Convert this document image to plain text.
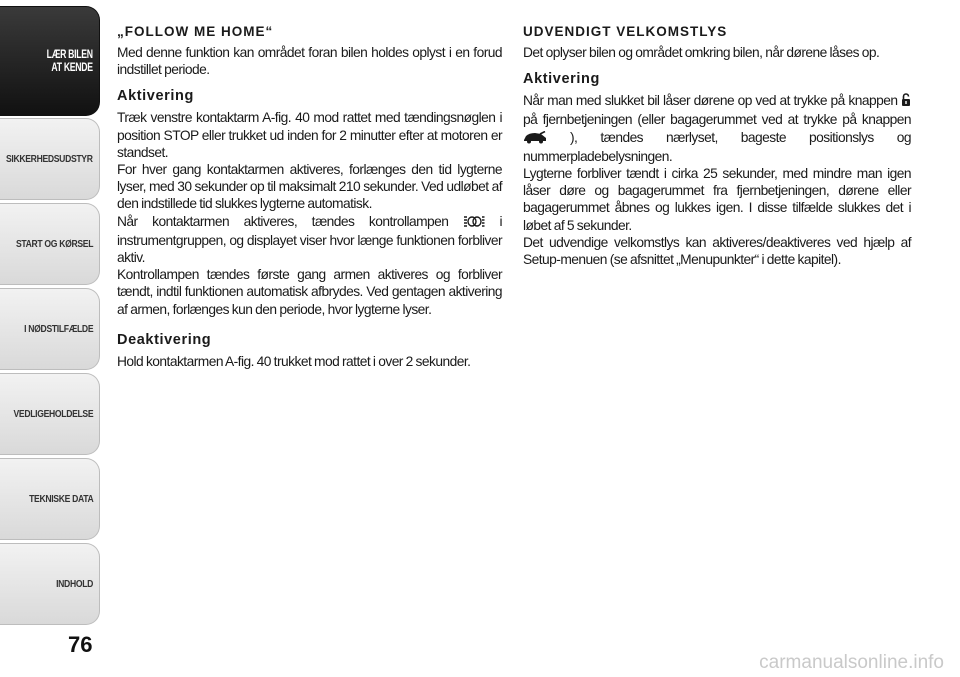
LÆR BILEN
AT KENDE
SIKKERHEDSUDSTYR
START OG KØRSEL
I NØDSTILFÆLDE
VEDLIGEHOLDELSE
TEKNISKE DATA
INDHOLD
76
„FOLLOW ME HOME“

Med denne funktion kan området foran bilen holdes oplyst i en forud indstillet periode.

Aktivering

Træk venstre kontaktarm A-fig. 40 mod rattet med tændingsnøglen i position STOP eller trukket ud inden for 2 minutter efter at motoren er standset.

For hver gang kontaktarmen aktiveres, forlænges den tid lygterne lyser, med 30 sekunder op til maksimalt 210 sekunder. Ved udløbet af den indstillede tid slukkes lygterne automatisk.

Når kontaktarmen aktiveres, tændes kontrollampen	i instrumentgruppen, og displayet viser hvor længe funktionen forbliver aktiv.

Kontrollampen tændes første gang armen aktiveres og forbliver tændt, indtil funktionen automatisk afbrydes. Ved gentagen aktivering af armen, forlænges kun den periode, hvor lygterne lyser.

Deaktivering

Hold kontaktarmen A-fig. 40 trukket mod rattet i over 2 sekunder.

UDVENDIGT VELKOMSTLYS

Det oplyser bilen og området omkring bilen, når dørene låses op.

Aktivering

Når man med slukket bil låser dørene op ved at trykke på knappen  på fjernbetjeningen (eller bagagerummet ved at trykke på knappen  ), tændes nærlyset, bageste positionslys og nummerpladebelysningen.

Lygterne forbliver tændt i cirka 25 sekunder, med mindre man igen låser døre og bagagerummet fra fjernbetjeningen, dørene eller bagagerummet åbnes og lukkes igen. I disse tilfælde slukkes det i løbet af 5 sekunder.

Det udvendige velkomstlys kan aktiveres/deaktiveres ved hjælp af Setup-menuen (se afsnittet „Menupunkter“ i dette kapitel).

carmanualsonline.info
